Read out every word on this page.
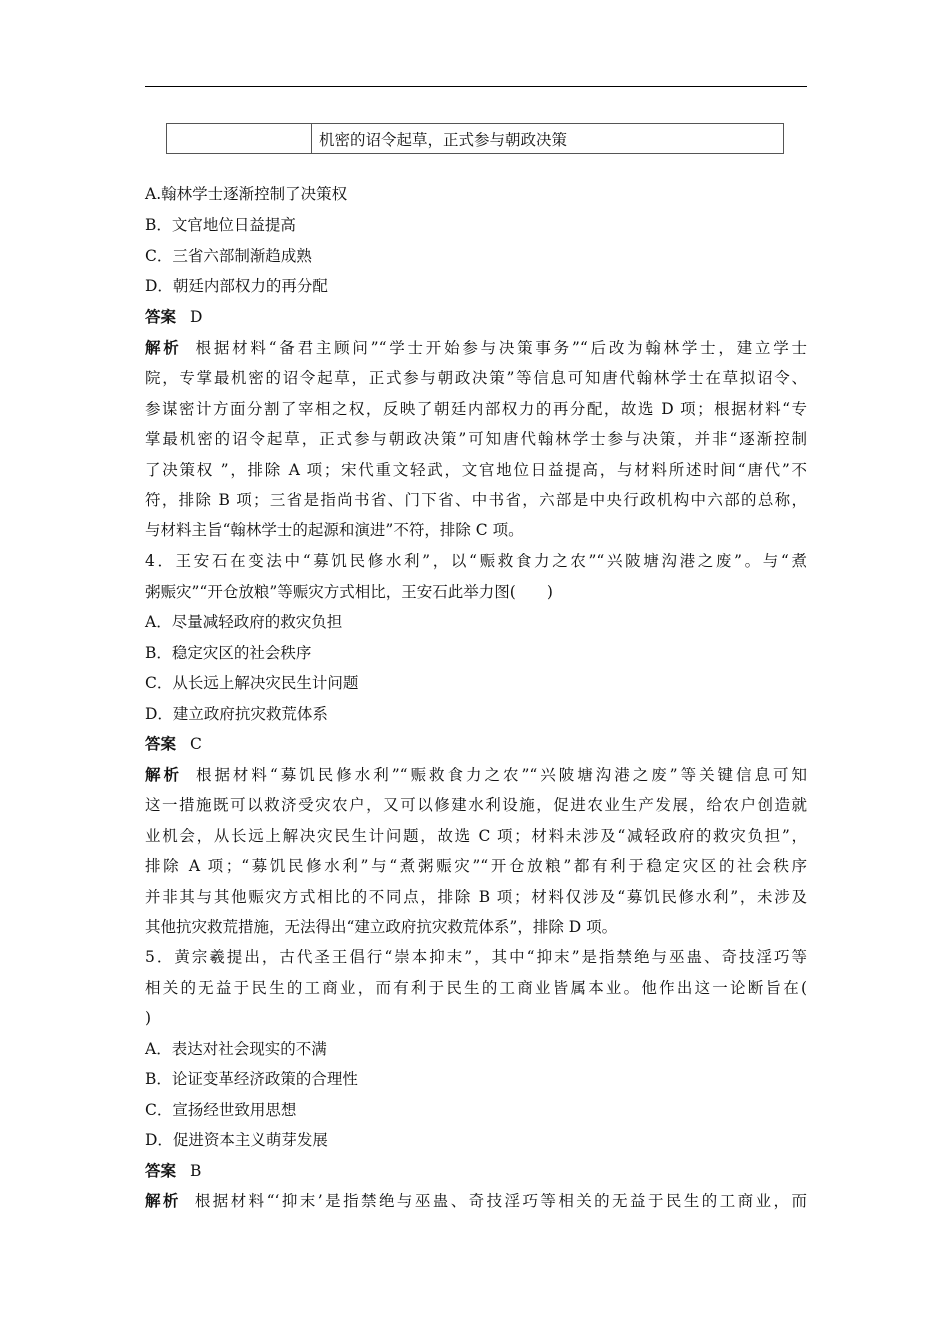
机密的诏令起草，正式参与朝政决策
A.翰林学士逐渐控制了决策权
B．文官地位日益提高
C．三省六部制渐趋成熟
D．朝廷内部权力的再分配
答案 D
解析 根据材料“备君主顾问”“学士开始参与决策事务”“后改为翰林学士，建立学士
院，专掌最机密的诏令起草，正式参与朝政决策”等信息可知唐代翰林学士在草拟诏令、
参谋密计方面分割了宰相之权，反映了朝廷内部权力的再分配，故选 D 项；根据材料“专
掌最机密的诏令起草，正式参与朝政决策”可知唐代翰林学士参与决策，并非“逐渐控制
了决策权 ”，排除 A 项；宋代重文轻武，文官地位日益提高，与材料所述时间“唐代”不
符，排除 B 项；三省是指尚书省、门下省、中书省，六部是中央行政机构中六部的总称，
与材料主旨“翰林学士的起源和演进”不符，排除 C 项。
4．王安石在变法中“募饥民修水利”，以“赈救食力之农”“兴陂塘沟港之废”。与“煮
粥赈灾”“开仓放粮”等赈灾方式相比，王安石此举力图(　　)
A．尽量减轻政府的救灾负担
B．稳定灾区的社会秩序
C．从长远上解决灾民生计问题
D．建立政府抗灾救荒体系
答案 C
解析 根据材料“募饥民修水利”“赈救食力之农”“兴陂塘沟港之废”等关键信息可知
这一措施既可以救济受灾农户，又可以修建水利设施，促进农业生产发展，给农户创造就
业机会，从长远上解决灾民生计问题，故选 C 项；材料未涉及“减轻政府的救灾负担”，
排除 A 项；“募饥民修水利”与“煮粥赈灾”“开仓放粮”都有利于稳定灾区的社会秩序
并非其与其他赈灾方式相比的不同点，排除 B 项；材料仅涉及“募饥民修水利”，未涉及
其他抗灾救荒措施，无法得出“建立政府抗灾救荒体系”，排除 D 项。
5．黄宗羲提出，古代圣王倡行“崇本抑末”，其中“抑末”是指禁绝与巫蛊、奇技淫巧等
相关的无益于民生的工商业，而有利于民生的工商业皆属本业。他作出这一论断旨在(
)
A．表达对社会现实的不满
B．论证变革经济政策的合理性
C．宣扬经世致用思想
D．促进资本主义萌芽发展
答案 B
解析 根据材料“‘抑末’是指禁绝与巫蛊、奇技淫巧等相关的无益于民生的工商业，而
